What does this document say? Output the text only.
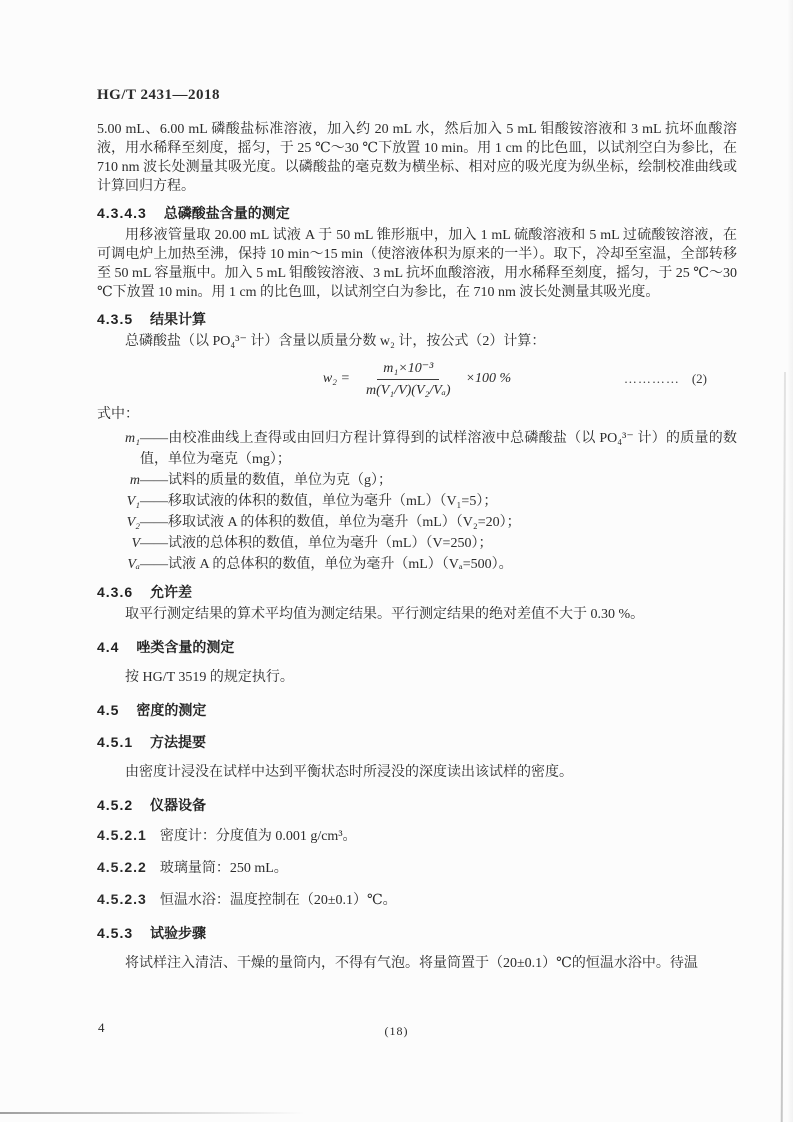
HG/T 2431—2018

5.00 mL、6.00 mL 磷酸盐标准溶液，加入约 20 mL 水，然后加入 5 mL 钼酸铵溶液和 3 mL 抗坏血酸溶液，用水稀释至刻度，摇匀，于 25 ℃～30 ℃下放置 10 min。用 1 cm 的比色皿，以试剂空白为参比，在 710 nm 波长处测量其吸光度。以磷酸盐的毫克数为横坐标、相对应的吸光度为纵坐标，绘制校准曲线或计算回归方程。

4.3.4.3 总磷酸盐含量的测定

用移液管量取 20.00 mL 试液 A 于 50 mL 锥形瓶中，加入 1 mL 硫酸溶液和 5 mL 过硫酸铵溶液，在可调电炉上加热至沸，保持 10 min～15 min（使溶液体积为原来的一半）。取下，冷却至室温，全部转移至 50 mL 容量瓶中。加入 5 mL 钼酸铵溶液、3 mL 抗坏血酸溶液，用水稀释至刻度，摇匀，于 25 ℃～30 ℃下放置 10 min。用 1 cm 的比色皿，以试剂空白为参比，在 710 nm 波长处测量其吸光度。

4.3.5 结果计算

总磷酸盐（以 PO₄³⁻ 计）含量以质量分数 w₂ 计，按公式（2）计算：

$w_2 = \frac{\text{m₁×10⁻³}}{\text{m(V₁/V)(V₂/Vₐ)}} \times 100$ %	………… (2)

式中：

m₁ ——由校准曲线上查得或由回归方程计算得到的试样溶液中总磷酸盐（以 PO₄³⁻ 计）的质量的数值，单位为毫克（mg）；
m ——试料的质量的数值，单位为克（g）；
V₁ ——移取试液的体积的数值，单位为毫升（mL）（V₁=5）；
V₂ ——移取试液 A 的体积的数值，单位为毫升（mL）（V₂=20）；
V ——试液的总体积的数值，单位为毫升（mL）（V=250）；
Vₐ ——试液 A 的总体积的数值，单位为毫升（mL）（Vₐ=500）。
4.3.6 允许差

取平行测定结果的算术平均值为测定结果。平行测定结果的绝对差值不大于 0.30 %。

4.4 唑类含量的测定

按 HG/T 3519 的规定执行。

4.5 密度的测定
4.5.1 方法提要

由密度计浸没在试样中达到平衡状态时所浸没的深度读出该试样的密度。

4.5.2 仪器设备
4.5.2.1 密度计：分度值为 0.001 g/cm³。
4.5.2.2 玻璃量筒：250 mL。
4.5.2.3 恒温水浴：温度控制在（20±0.1）℃。
4.5.3 试验步骤

将试样注入清洁、干燥的量筒内，不得有气泡。将量筒置于（20±0.1）℃的恒温水浴中。待温

4	(18)
